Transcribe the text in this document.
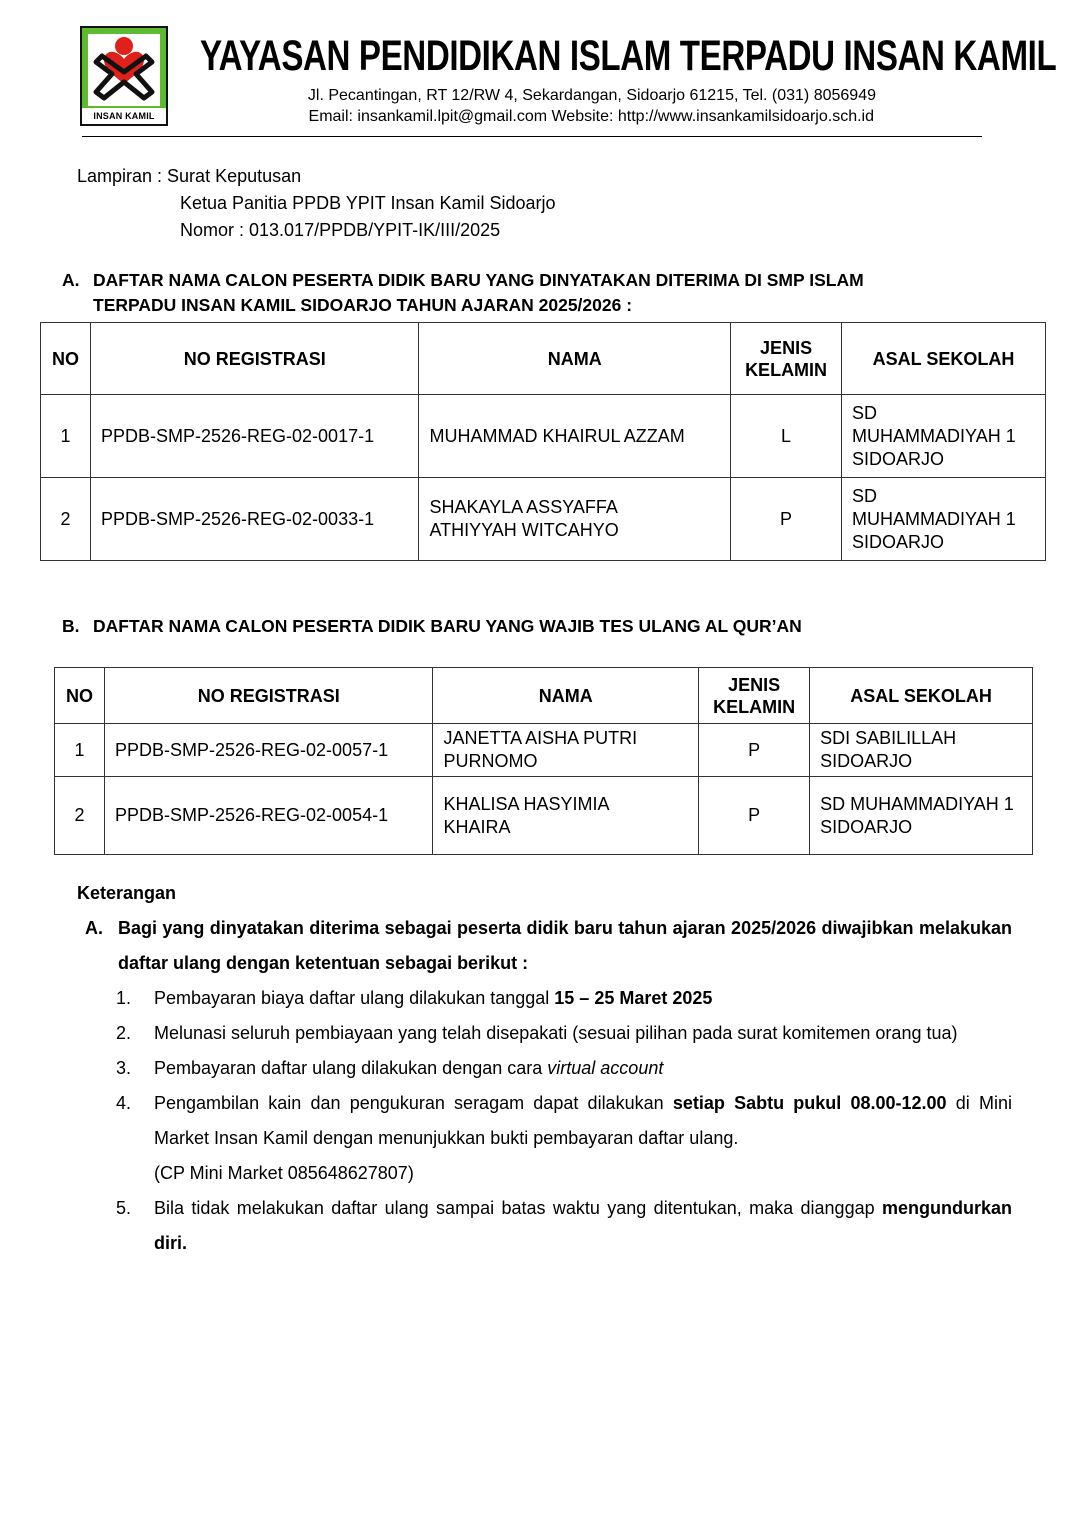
INSAN KAMIL
YAYASAN PENDIDIKAN ISLAM TERPADU INSAN KAMIL
Jl. Pecantingan, RT 12/RW 4, Sekardangan, Sidoarjo 61215, Tel. (031) 8056949
Email: insankamil.lpit@gmail.com Website: http://www.insankamilsidoarjo.sch.id
Lampiran : Surat Keputusan
Ketua Panitia PPDB YPIT Insan Kamil Sidoarjo
Nomor : 013.017/PPDB/YPIT-IK/III/2025
A. DAFTAR NAMA CALON PESERTA DIDIK BARU YANG DINYATAKAN DITERIMA DI SMP ISLAM
TERPADU INSAN KAMIL SIDOARJO TAHUN AJARAN 2025/2026 :
NO	NO REGISTRASI	NAMA	JENIS KELAMIN	ASAL SEKOLAH
1	PPDB-SMP-2526-REG-02-0017-1	MUHAMMAD KHAIRUL AZZAM	L	SD MUHAMMADIYAH 1 SIDOARJO
2	PPDB-SMP-2526-REG-02-0033-1	SHAKAYLA ASSYAFFA ATHIYYAH WITCAHYO	P	SD MUHAMMADIYAH 1 SIDOARJO
B. DAFTAR NAMA CALON PESERTA DIDIK BARU YANG WAJIB TES ULANG AL QUR’AN
NO	NO REGISTRASI	NAMA	JENIS KELAMIN	ASAL SEKOLAH
1	PPDB-SMP-2526-REG-02-0057-1	JANETTA AISHA PUTRI PURNOMO	P	SDI SABILILLAH SIDOARJO
2	PPDB-SMP-2526-REG-02-0054-1	KHALISA HASYIMIA KHAIRA	P	SD MUHAMMADIYAH 1 SIDOARJO
Keterangan
A. Bagi yang dinyatakan diterima sebagai peserta didik baru tahun ajaran 2025/2026 diwajibkan melakukan daftar ulang dengan ketentuan sebagai berikut :
1. Pembayaran biaya daftar ulang dilakukan tanggal 15 – 25 Maret 2025
2. Melunasi seluruh pembiayaan yang telah disepakati (sesuai pilihan pada surat komitemen orang tua)
3. Pembayaran daftar ulang dilakukan dengan cara virtual account
4. Pengambilan kain dan pengukuran seragam dapat dilakukan setiap Sabtu pukul 08.00-12.00 di Mini Market Insan Kamil dengan menunjukkan bukti pembayaran daftar ulang.
(CP Mini Market 085648627807)
5. Bila tidak melakukan daftar ulang sampai batas waktu yang ditentukan, maka dianggap mengundurkan diri.
